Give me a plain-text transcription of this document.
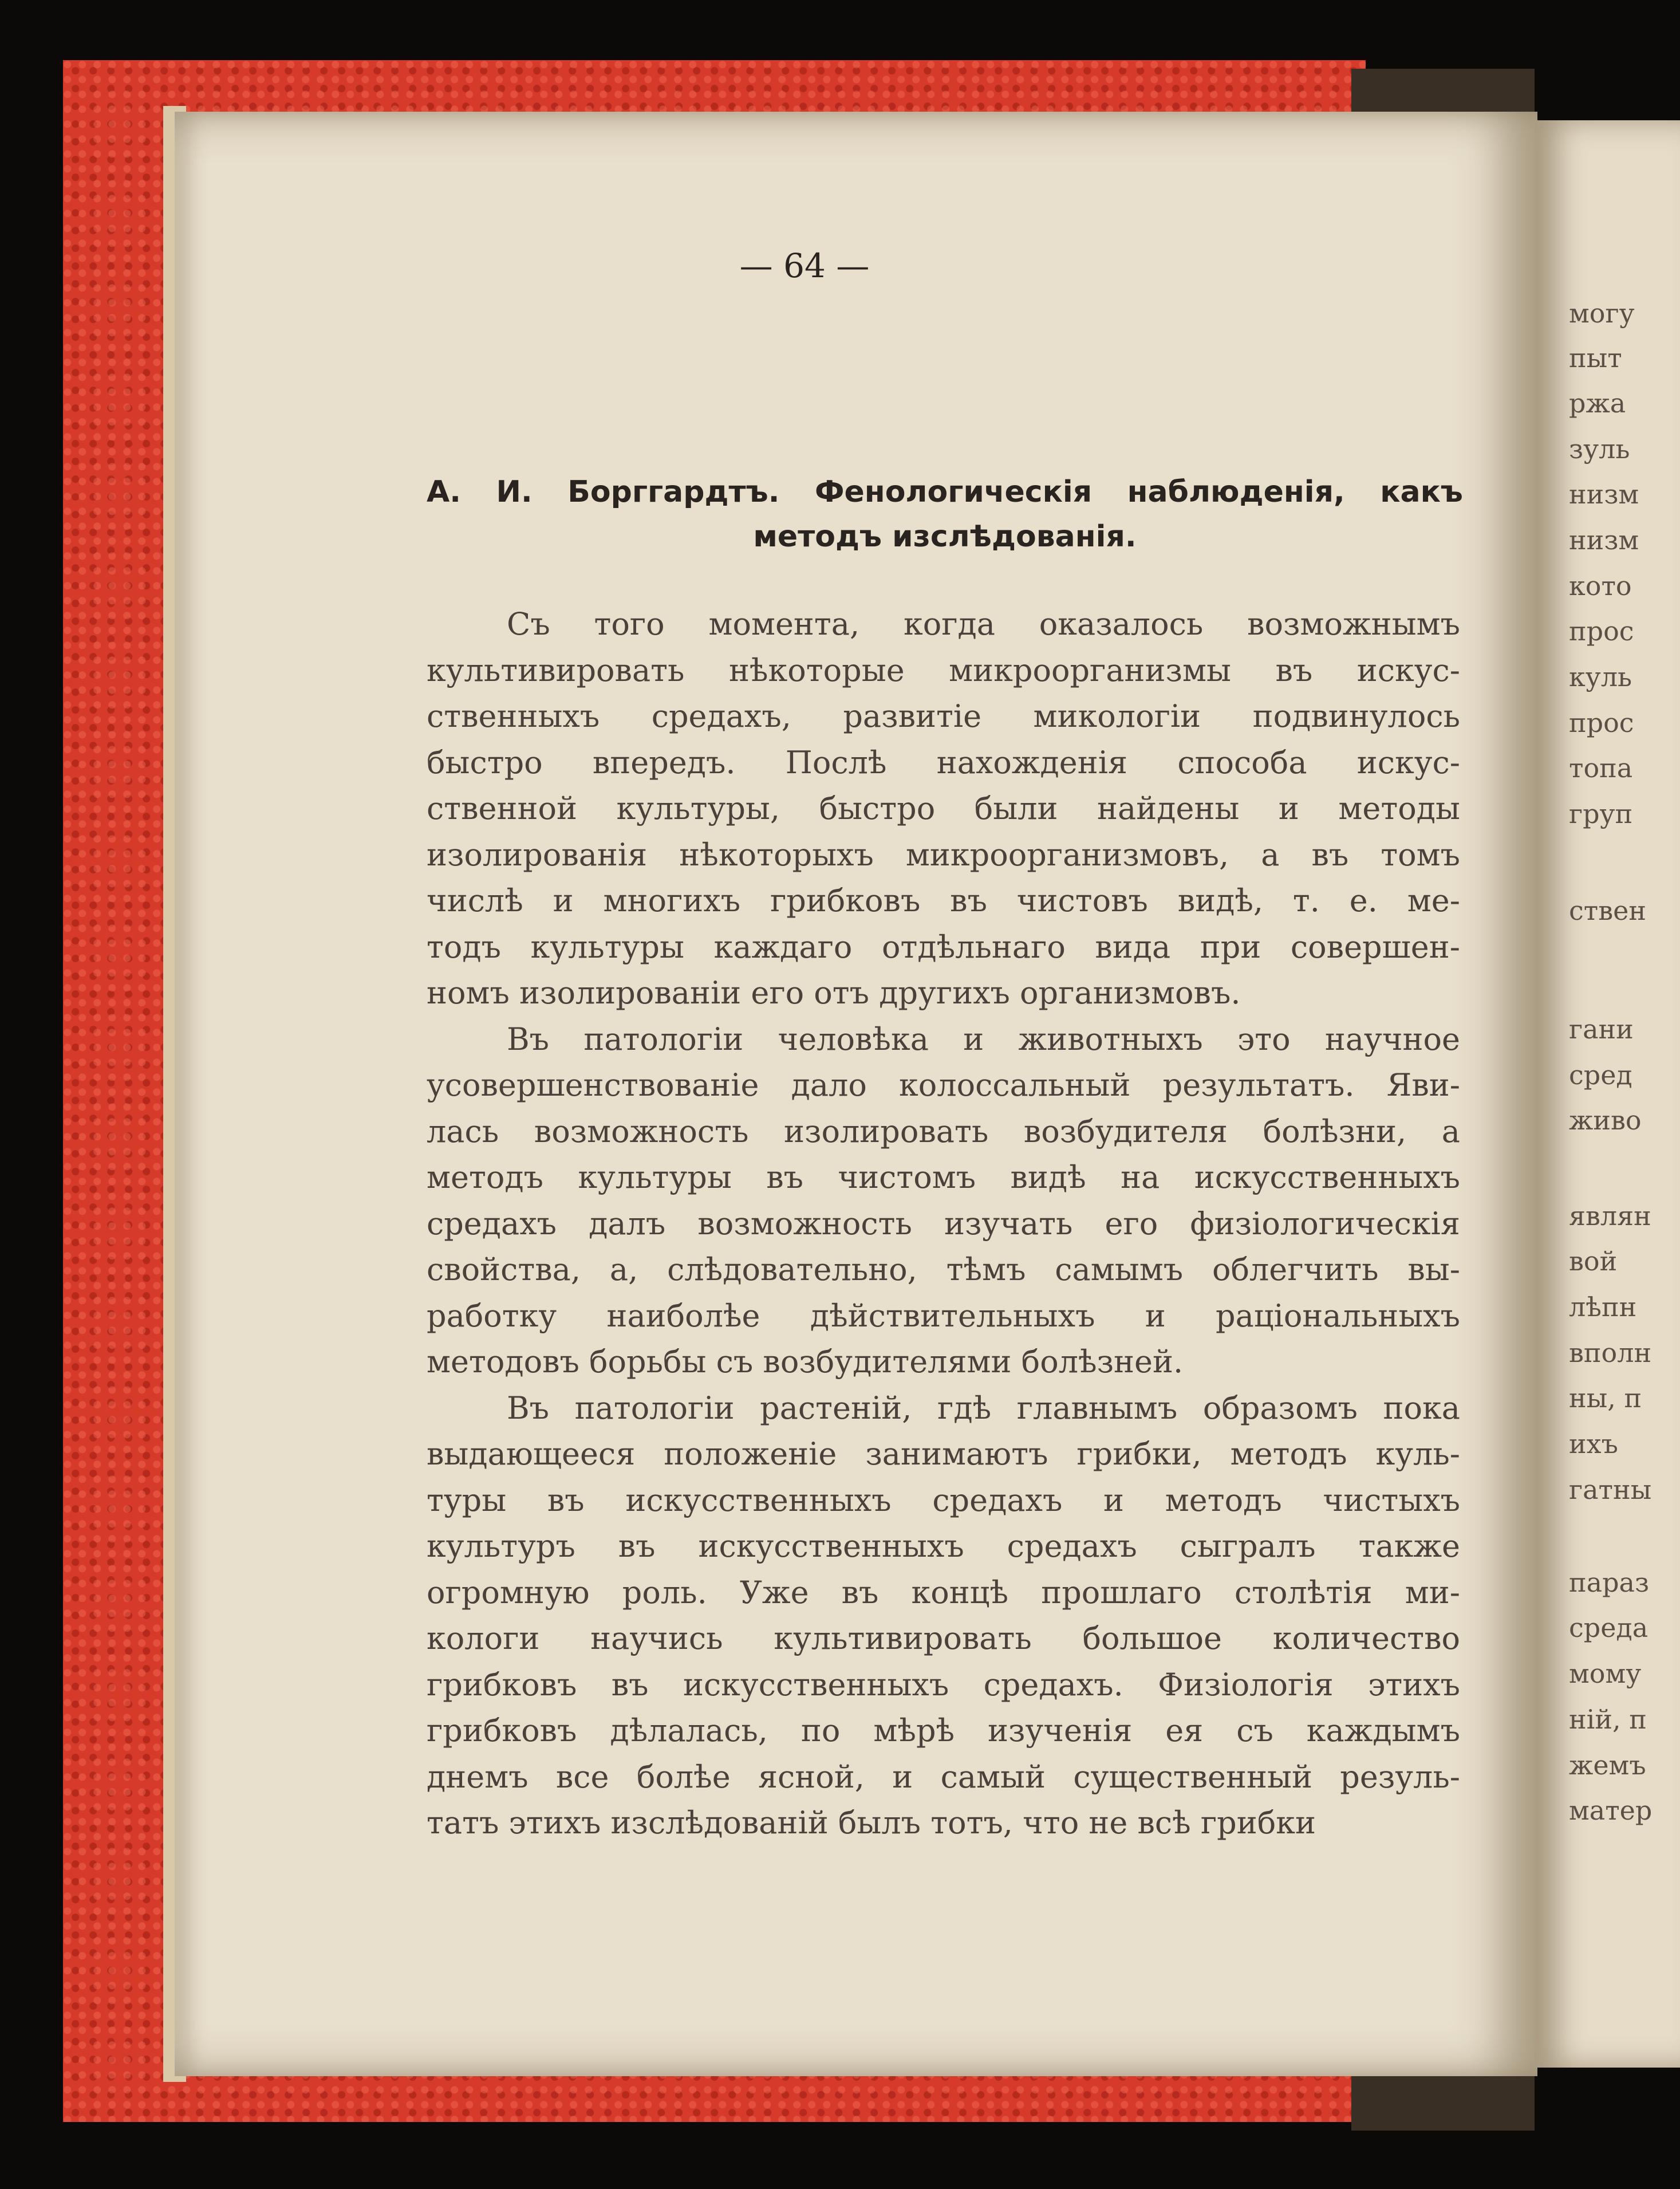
могу
пыт
ржа
зуль
низм
низм
кото
прос
куль
прос
топа
груп
ствен
гани
сред
живо
являн
вой
лѣпн
вполн
ны, п
ихъ
гатны
параз
среда
мому
ній, п
жемъ
матер
— 64 —
А. И. Борггардтъ. Фенологическія наблюденія, какъ методъ изслѣдованія.
Съ того момента, когда оказалось возможнымъ
культивировать нѣкоторые микроорганизмы въ искус-
ственныхъ средахъ, развитіе микологіи подвинулось
быстро впередъ. Послѣ нахожденія способа искус-
ственной культуры, быстро были найдены и методы
изолированія нѣкоторыхъ микроорганизмовъ, а въ томъ
числѣ и многихъ грибковъ въ чистовъ видѣ, т. е. ме-
тодъ культуры каждаго отдѣльнаго вида при совершен-
номъ изолированіи его отъ другихъ организмовъ.
Въ патологіи человѣка и животныхъ это научное
усовершенствованіе дало колоссальный результатъ. Яви-
лась возможность изолировать возбудителя болѣзни, а
методъ культуры въ чистомъ видѣ на искусственныхъ
средахъ далъ возможность изучать его физіологическія
свойства, а, слѣдовательно, тѣмъ самымъ облегчить вы-
работку наиболѣе дѣйствительныхъ и раціональныхъ
методовъ борьбы съ возбудителями болѣзней.
Въ патологіи растеній, гдѣ главнымъ образомъ пока
выдающееся положеніе занимаютъ грибки, методъ куль-
туры въ искусственныхъ средахъ и методъ чистыхъ
культуръ въ искусственныхъ средахъ сыгралъ также
огромную роль. Уже въ концѣ прошлаго столѣтія ми-
кологи научись культивировать большое количество
грибковъ въ искусственныхъ средахъ. Физіологія этихъ
грибковъ дѣлалась, по мѣрѣ изученія ея съ каждымъ
днемъ все болѣе ясной, и самый существенный резуль-
татъ этихъ изслѣдованій былъ тотъ, что не всѣ грибки
